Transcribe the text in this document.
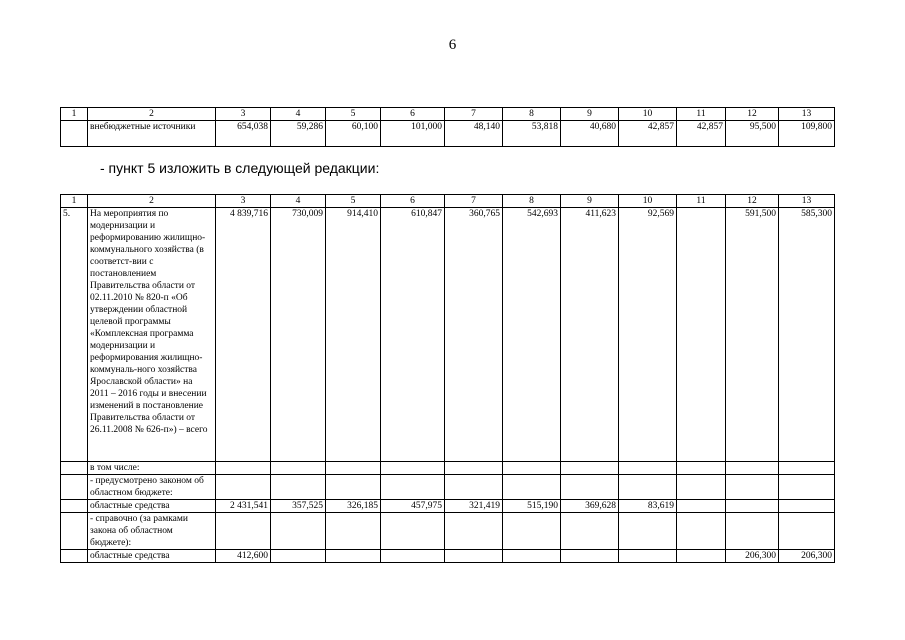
6
1	2	3	4	5	6	7	8	9	10	11	12	13
	внебюджетные источники	654,038	59,286	60,100	101,000	48,140	53,818	40,680	42,857	42,857	95,500	109,800
- пункт 5 изложить в следующей редакции:
1	2	3	4	5	6	7	8	9	10	11	12	13
5.	На мероприятия по модернизации и реформированию жилищно-коммунального хозяйства (в соответст-вии с постановлением Правительства области от 02.11.2010 № 820-п «Об утверждении областной целевой программы «Комплексная программа модернизации и реформирования жилищно-коммуналь-ного хозяйства Ярославской области» на 2011 – 2016 годы и внесении изменений в постановление Правительства области от 26.11.2008 № 626-п») – всего	4 839,716	730,009	914,410	610,847	360,765	542,693	411,623	92,569		591,500	585,300
	в том числе:											
	- предусмотрено законом об областном бюджете:											
	областные средства	2 431,541	357,525	326,185	457,975	321,419	515,190	369,628	83,619			
	- справочно (за рамками закона об областном бюджете):											
	областные средства	412,600									206,300	206,300
